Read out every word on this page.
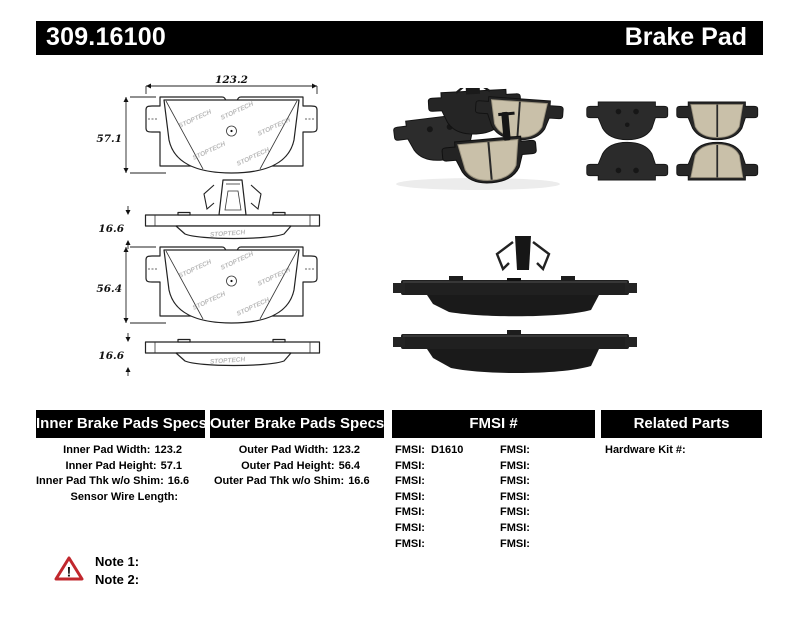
309.16100	Brake Pad
123.2
57.1
16.6
56.4
16.6
Inner Brake Pads Specs Outer Brake Pads Specs	FMSI #	Related Parts
Inner Pad Width: 123.2
Inner Pad Height: 57.1
Inner Pad Thk w/o Shim: 16.6
Sensor Wire Length:
Outer Pad Width: 123.2
Outer Pad Height: 56.4
Outer Pad Thk w/o Shim: 16.6
FMSI: D1610
FMSI:
FMSI:
FMSI:
FMSI:
FMSI:
FMSI:
FMSI:
FMSI:
FMSI:
FMSI:
FMSI:
FMSI:
FMSI:
Hardware Kit #:
!
Note 1:
Note 2:
